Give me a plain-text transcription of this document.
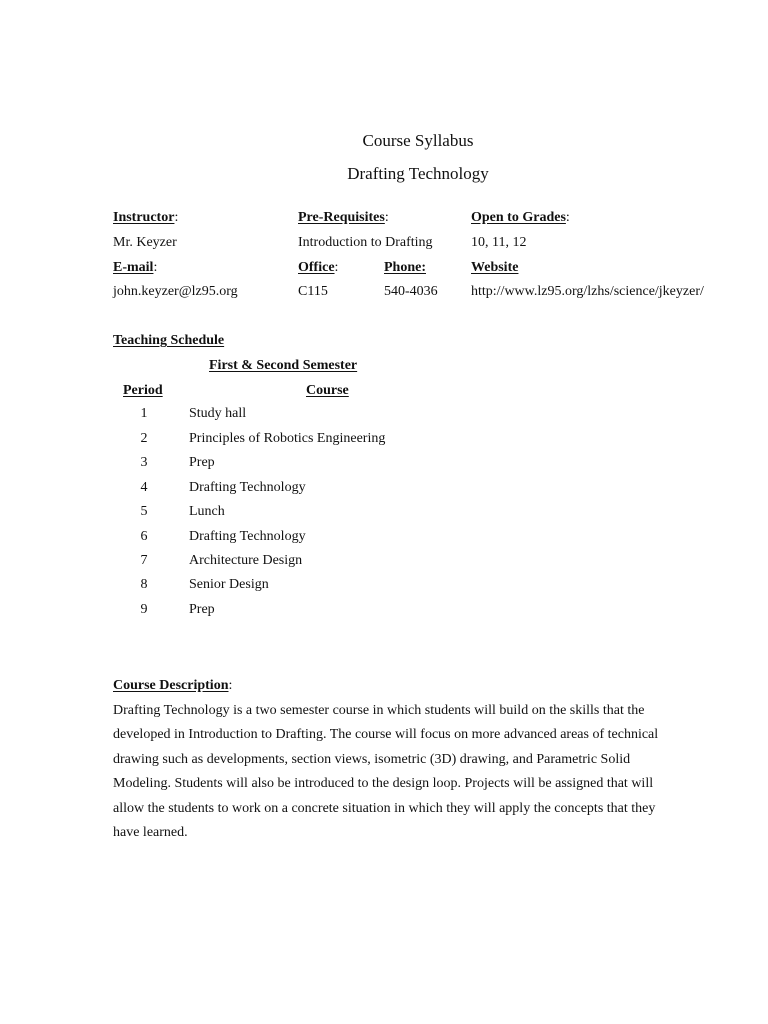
Course Syllabus
Drafting Technology
Instructor:	Pre-Requisites:	Open to Grades:
Mr. Keyzer	Introduction to Drafting	10, 11, 12
E-mail:	Office:	Phone:	Website
john.keyzer@lz95.org	C115	540-4036 http://www.lz95.org/lzhs/science/jkeyzer/
Teaching Schedule
First & Second Semester
Period	Course
1	Study hall
2	Principles of Robotics Engineering
3	Prep
4	Drafting Technology
5	Lunch
6	Drafting Technology
7	Architecture Design
8	Senior Design
9	Prep
Course Description:
Drafting Technology is a two semester course in which students will build on the skills that the
developed in Introduction to Drafting. The course will focus on more advanced areas of technical
drawing such as developments, section views, isometric (3D) drawing, and Parametric Solid
Modeling. Students will also be introduced to the design loop. Projects will be assigned that will
allow the students to work on a concrete situation in which they will apply the concepts that they
have learned.
